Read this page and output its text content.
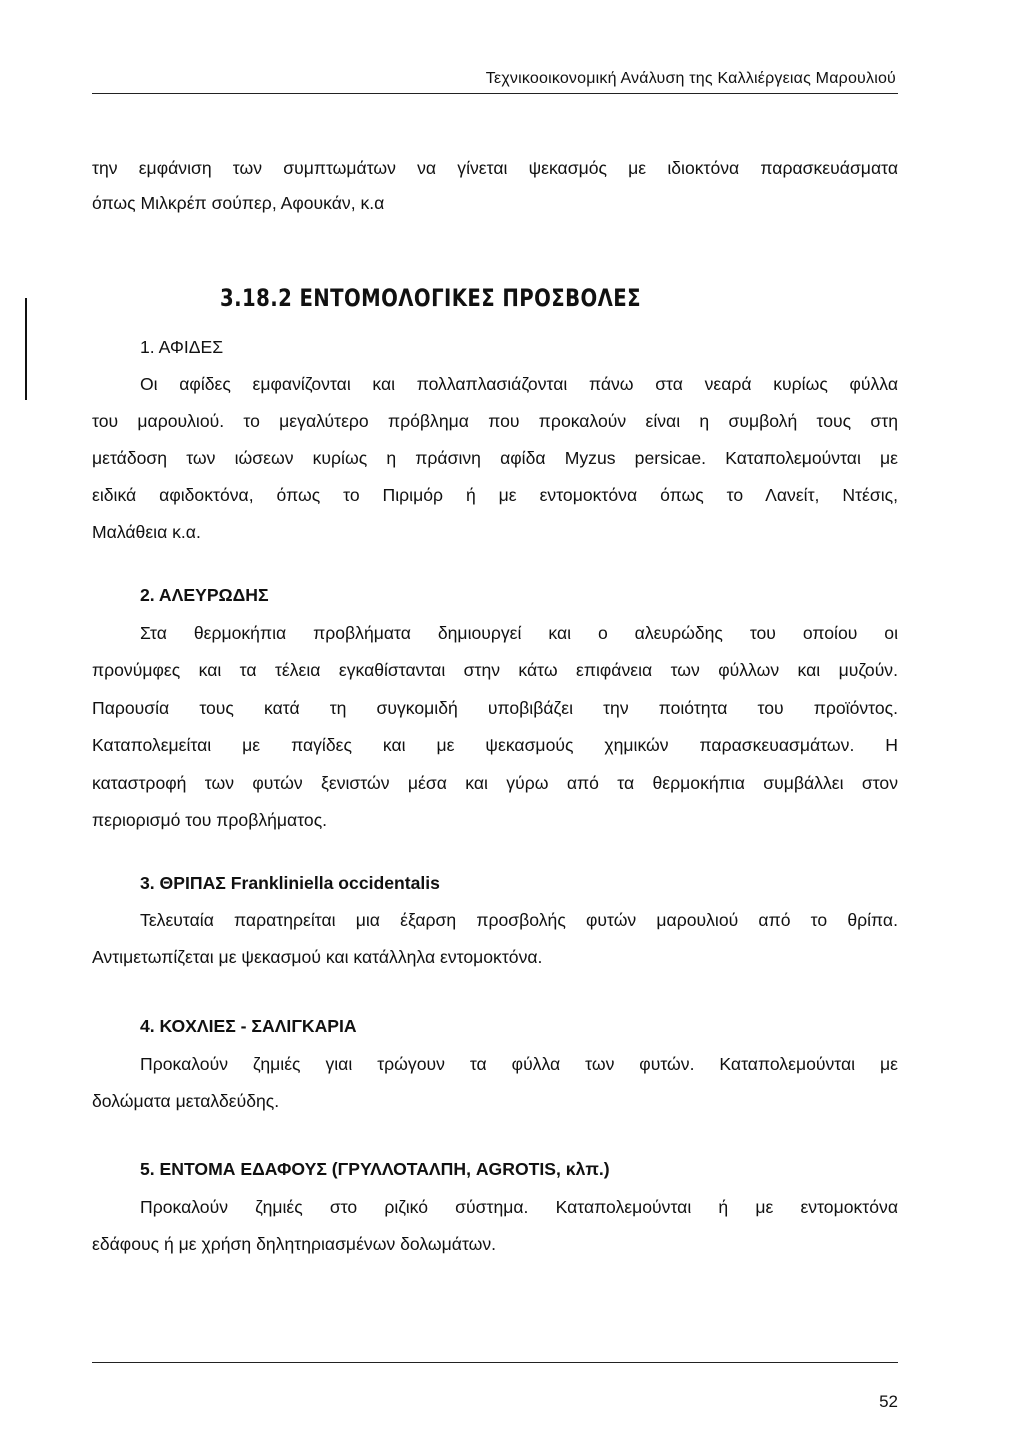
Τεχνικοοικονομική Ανάλυση της Καλλιέργειας Μαρουλιού
την εμφάνιση των συμπτωμάτων να γίνεται ψεκασμός με ιδιοκτόνα παρασκευάσματα
όπως Μιλκρέπ σούπερ, Αφουκάν, κ.α
3.18.2 ΕΝΤΟΜΟΛΟΓΙΚΕΣ ΠΡΟΣΒΟΛΕΣ
1. ΑΦΙΔΕΣ
Οι αφίδες εμφανίζονται και πολλαπλασιάζονται πάνω στα νεαρά κυρίως φύλλα
του μαρουλιού. το μεγαλύτερο πρόβλημα που προκαλούν είναι η συμβολή τους στη
μετάδοση των ιώσεων κυρίως η πράσινη αφίδα Myzus persicae. Καταπολεμούνται με
ειδικά αφιδοκτόνα, όπως το Πιριμόρ ή με εντομοκτόνα όπως το Λανείτ, Ντέσις,
Μαλάθεια κ.α.
2. ΑΛΕΥΡΩΔΗΣ
Στα θερμοκήπια προβλήματα δημιουργεί και ο αλευρώδης του οποίου οι
προνύμφες και τα τέλεια εγκαθίστανται στην κάτω επιφάνεια των φύλλων και μυζούν.
Παρουσία τους κατά τη συγκομιδή υποβιβάζει την ποιότητα του προϊόντος.
Καταπολεμείται με παγίδες και με ψεκασμούς χημικών παρασκευασμάτων. Η
καταστροφή των φυτών ξενιστών μέσα και γύρω από τα θερμοκήπια συμβάλλει στον
περιορισμό του προβλήματος.
3. ΘΡΙΠΑΣ Frankliniella occidentalis
Τελευταία παρατηρείται μια έξαρση προσβολής φυτών μαρουλιού από το θρίπα.
Αντιμετωπίζεται με ψεκασμού και κατάλληλα εντομοκτόνα.
4. ΚΟΧΛΙΕΣ - ΣΑΛΙΓΚΑΡΙΑ
Προκαλούν ζημιές γιαι τρώγουν τα φύλλα των φυτών. Καταπολεμούνται με
δολώματα μεταλδεύδης.
5. ΕΝΤΟΜΑ ΕΔΑΦΟΥΣ (ΓΡΥΛΛΟΤΑΛΠΗ, AGROTIS, κλπ.)
Προκαλούν ζημιές στο ριζικό σύστημα. Καταπολεμούνται ή με εντομοκτόνα
εδάφους ή με χρήση δηλητηριασμένων δολωμάτων.
52
